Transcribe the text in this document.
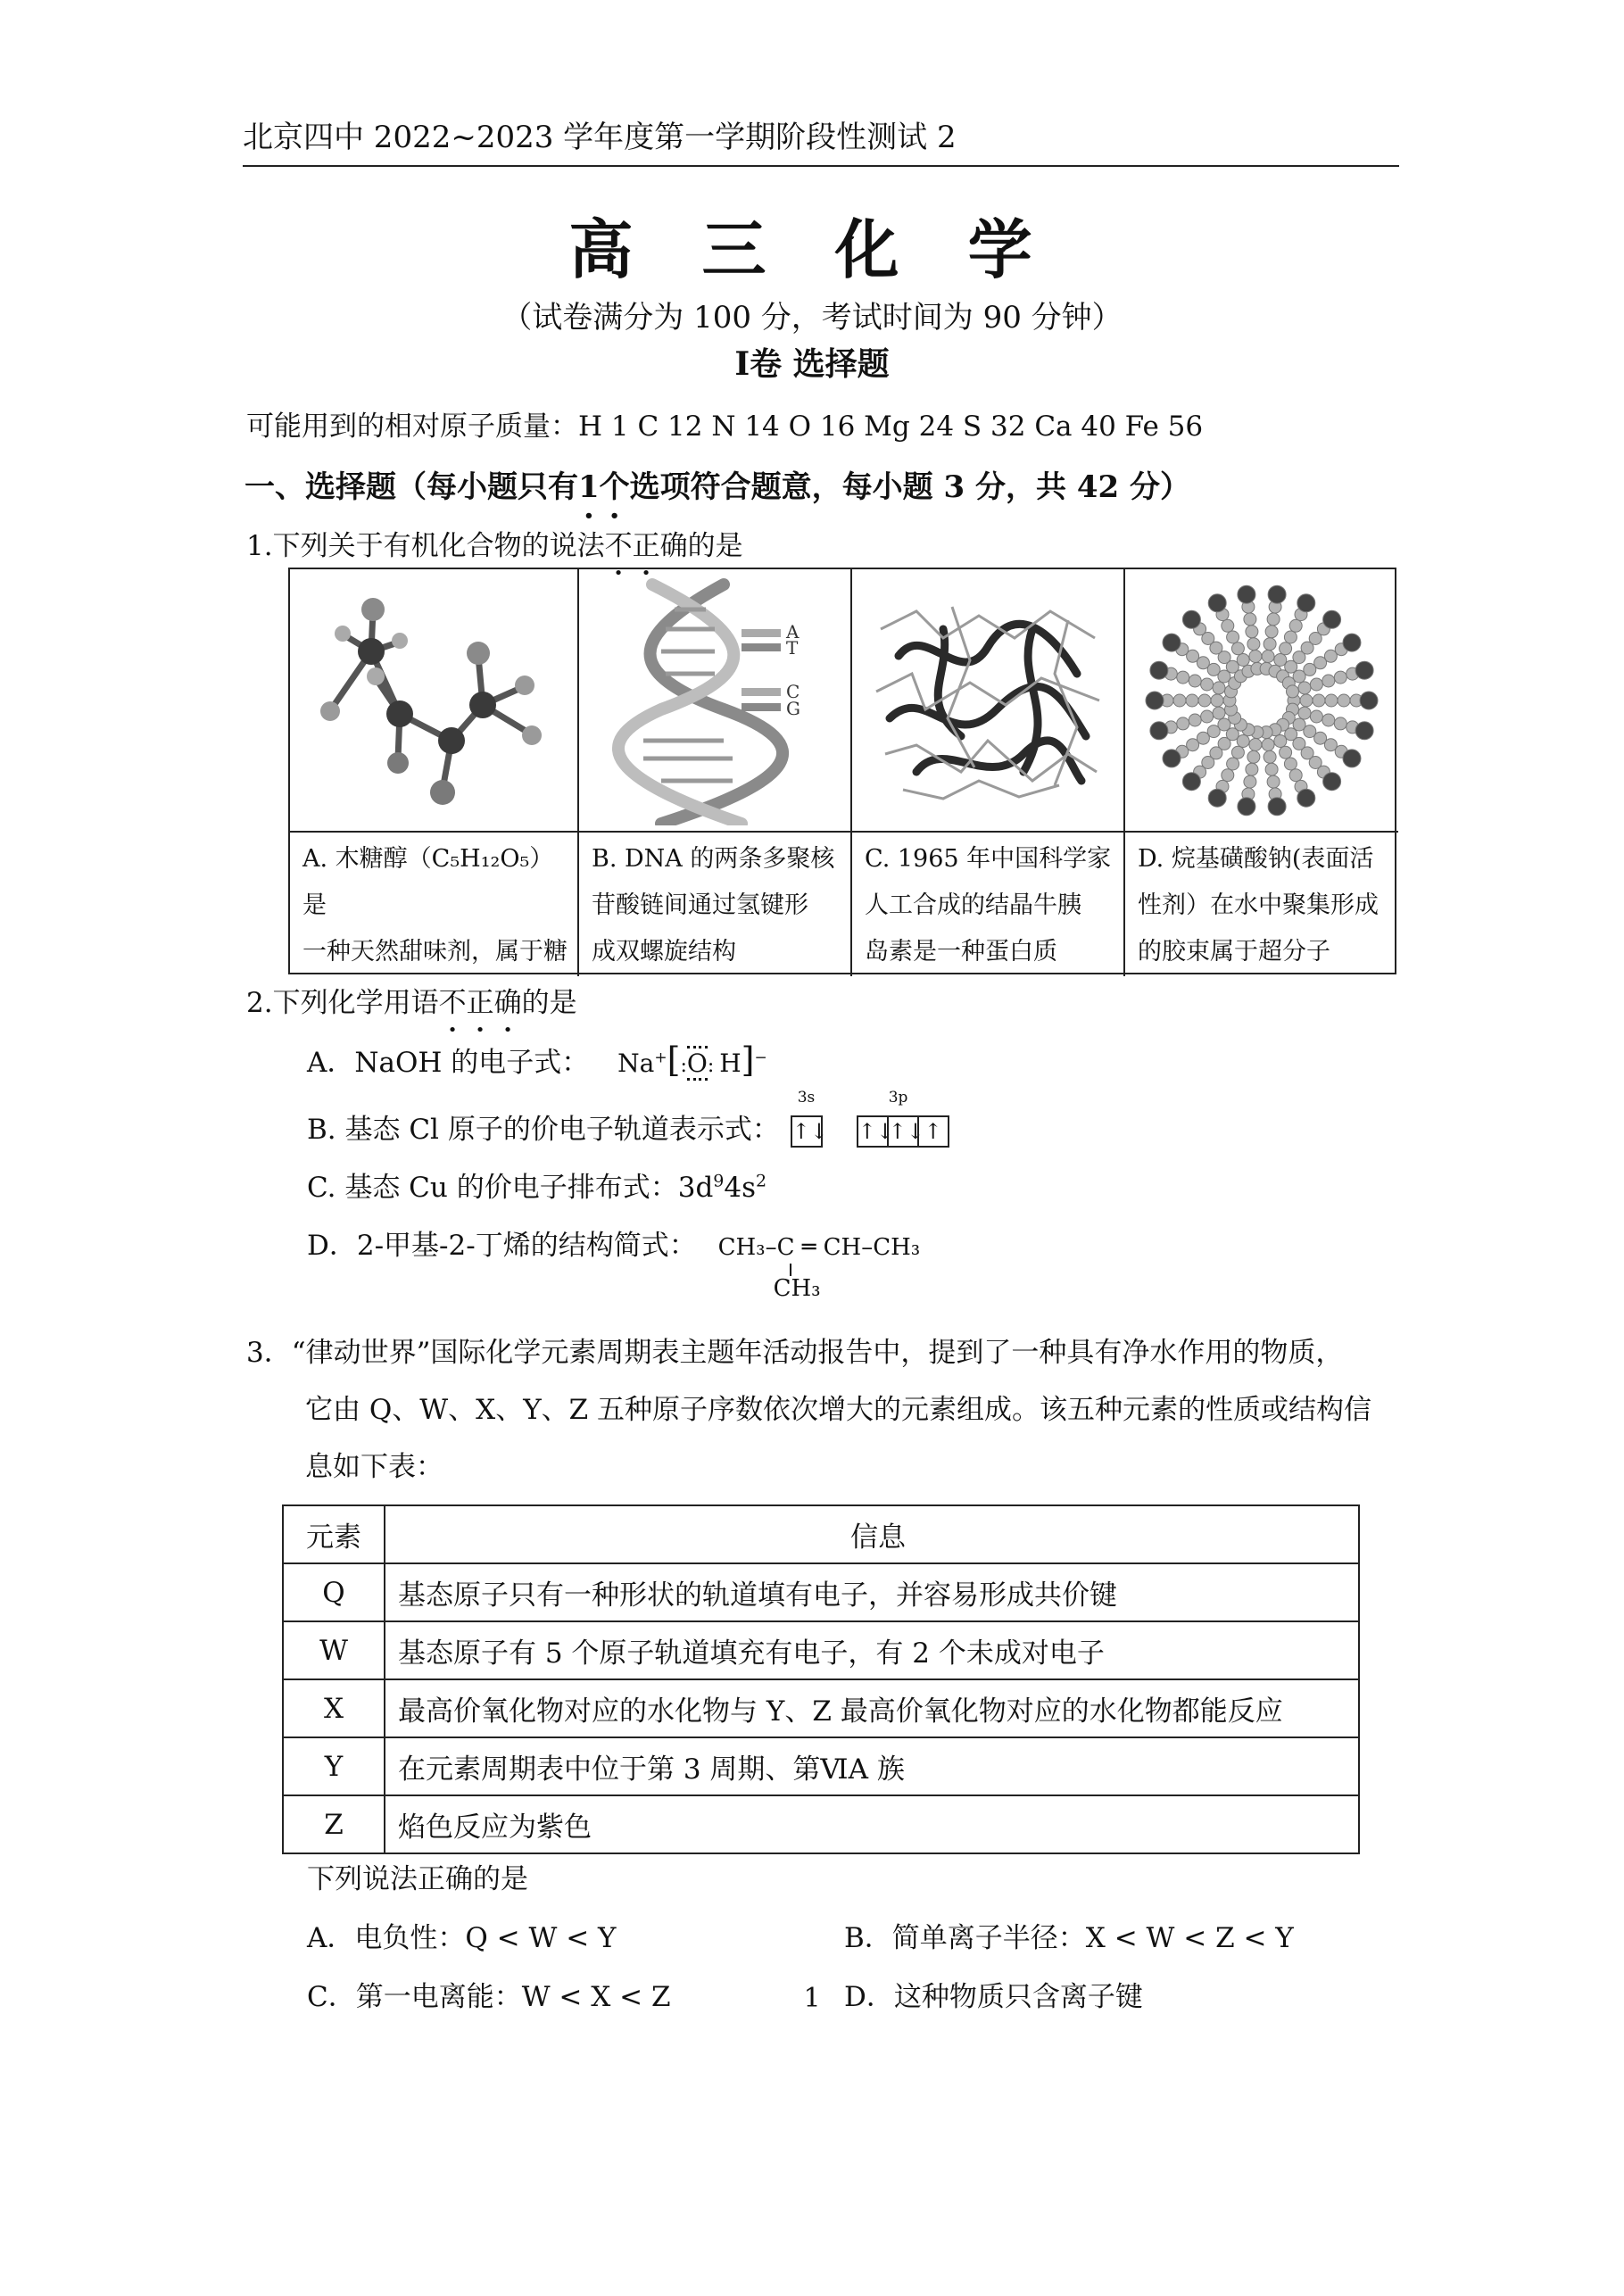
北京四中 2022~2023 学年度第一学期阶段性测试 2
高 三 化 学
（试卷满分为 100 分，考试时间为 90 分钟）
Ⅰ卷 选择题
可能用到的相对原子质量：H 1 C 12 N 14 O 16 Mg 24 S 32 Ca 40 Fe 56
一、选择题（每小题只有1 •个选项符合题意，每小题 3 分，共 42 分）
1.下列关于有机化合物的说法不正确的是
A
T
C
G
A. 木糖醇（C₅H₁₂O₅）是
一种天然甜味剂，属于糖
B. DNA 的两条多聚核
苷酸链间通过氢键形
成双螺旋结构
C. 1965 年中国科学家
人工合成的结晶牛胰
岛素是一种蛋白质
D. 烷基磺酸钠(表面活
性剂）在水中聚集形成
的胶束属于超分子
2.下列化学用语不正确的是
A．NaOH 的电子式： Na+[:O: H]−
B. 基态 Cl 原子的价电子轨道表示式：
3s	3p
↑↓ ↑↓↑↓↑
C. 基态 Cu 的价电子排布式：$3d^94s^2$
D．2-甲基-2-丁烯的结构简式： CH₃–C ═ CH–CH₃
CH₃
3．“律动世界”国际化学元素周期表主题年活动报告中，提到了一种具有净水作用的物质，
它由 Q、W、X、Y、Z 五种原子序数依次增大的元素组成。该五种元素的性质或结构信
息如下表：
元素	信息
Q	基态原子只有一种形状的轨道填有电子，并容易形成共价键
W	基态原子有 5 个原子轨道填充有电子，有 2 个未成对电子
X	最高价氧化物对应的水化物与 Y、Z 最高价氧化物对应的水化物都能反应
Y	在元素周期表中位于第 3 周期、第ⅥA 族
Z	焰色反应为紫色
下列说法正确的是
A．电负性：Q < W < Y	B．简单离子半径：X < W < Z < Y
C．第一电离能：W < X < Z	D．这种物质只含离子键
1
